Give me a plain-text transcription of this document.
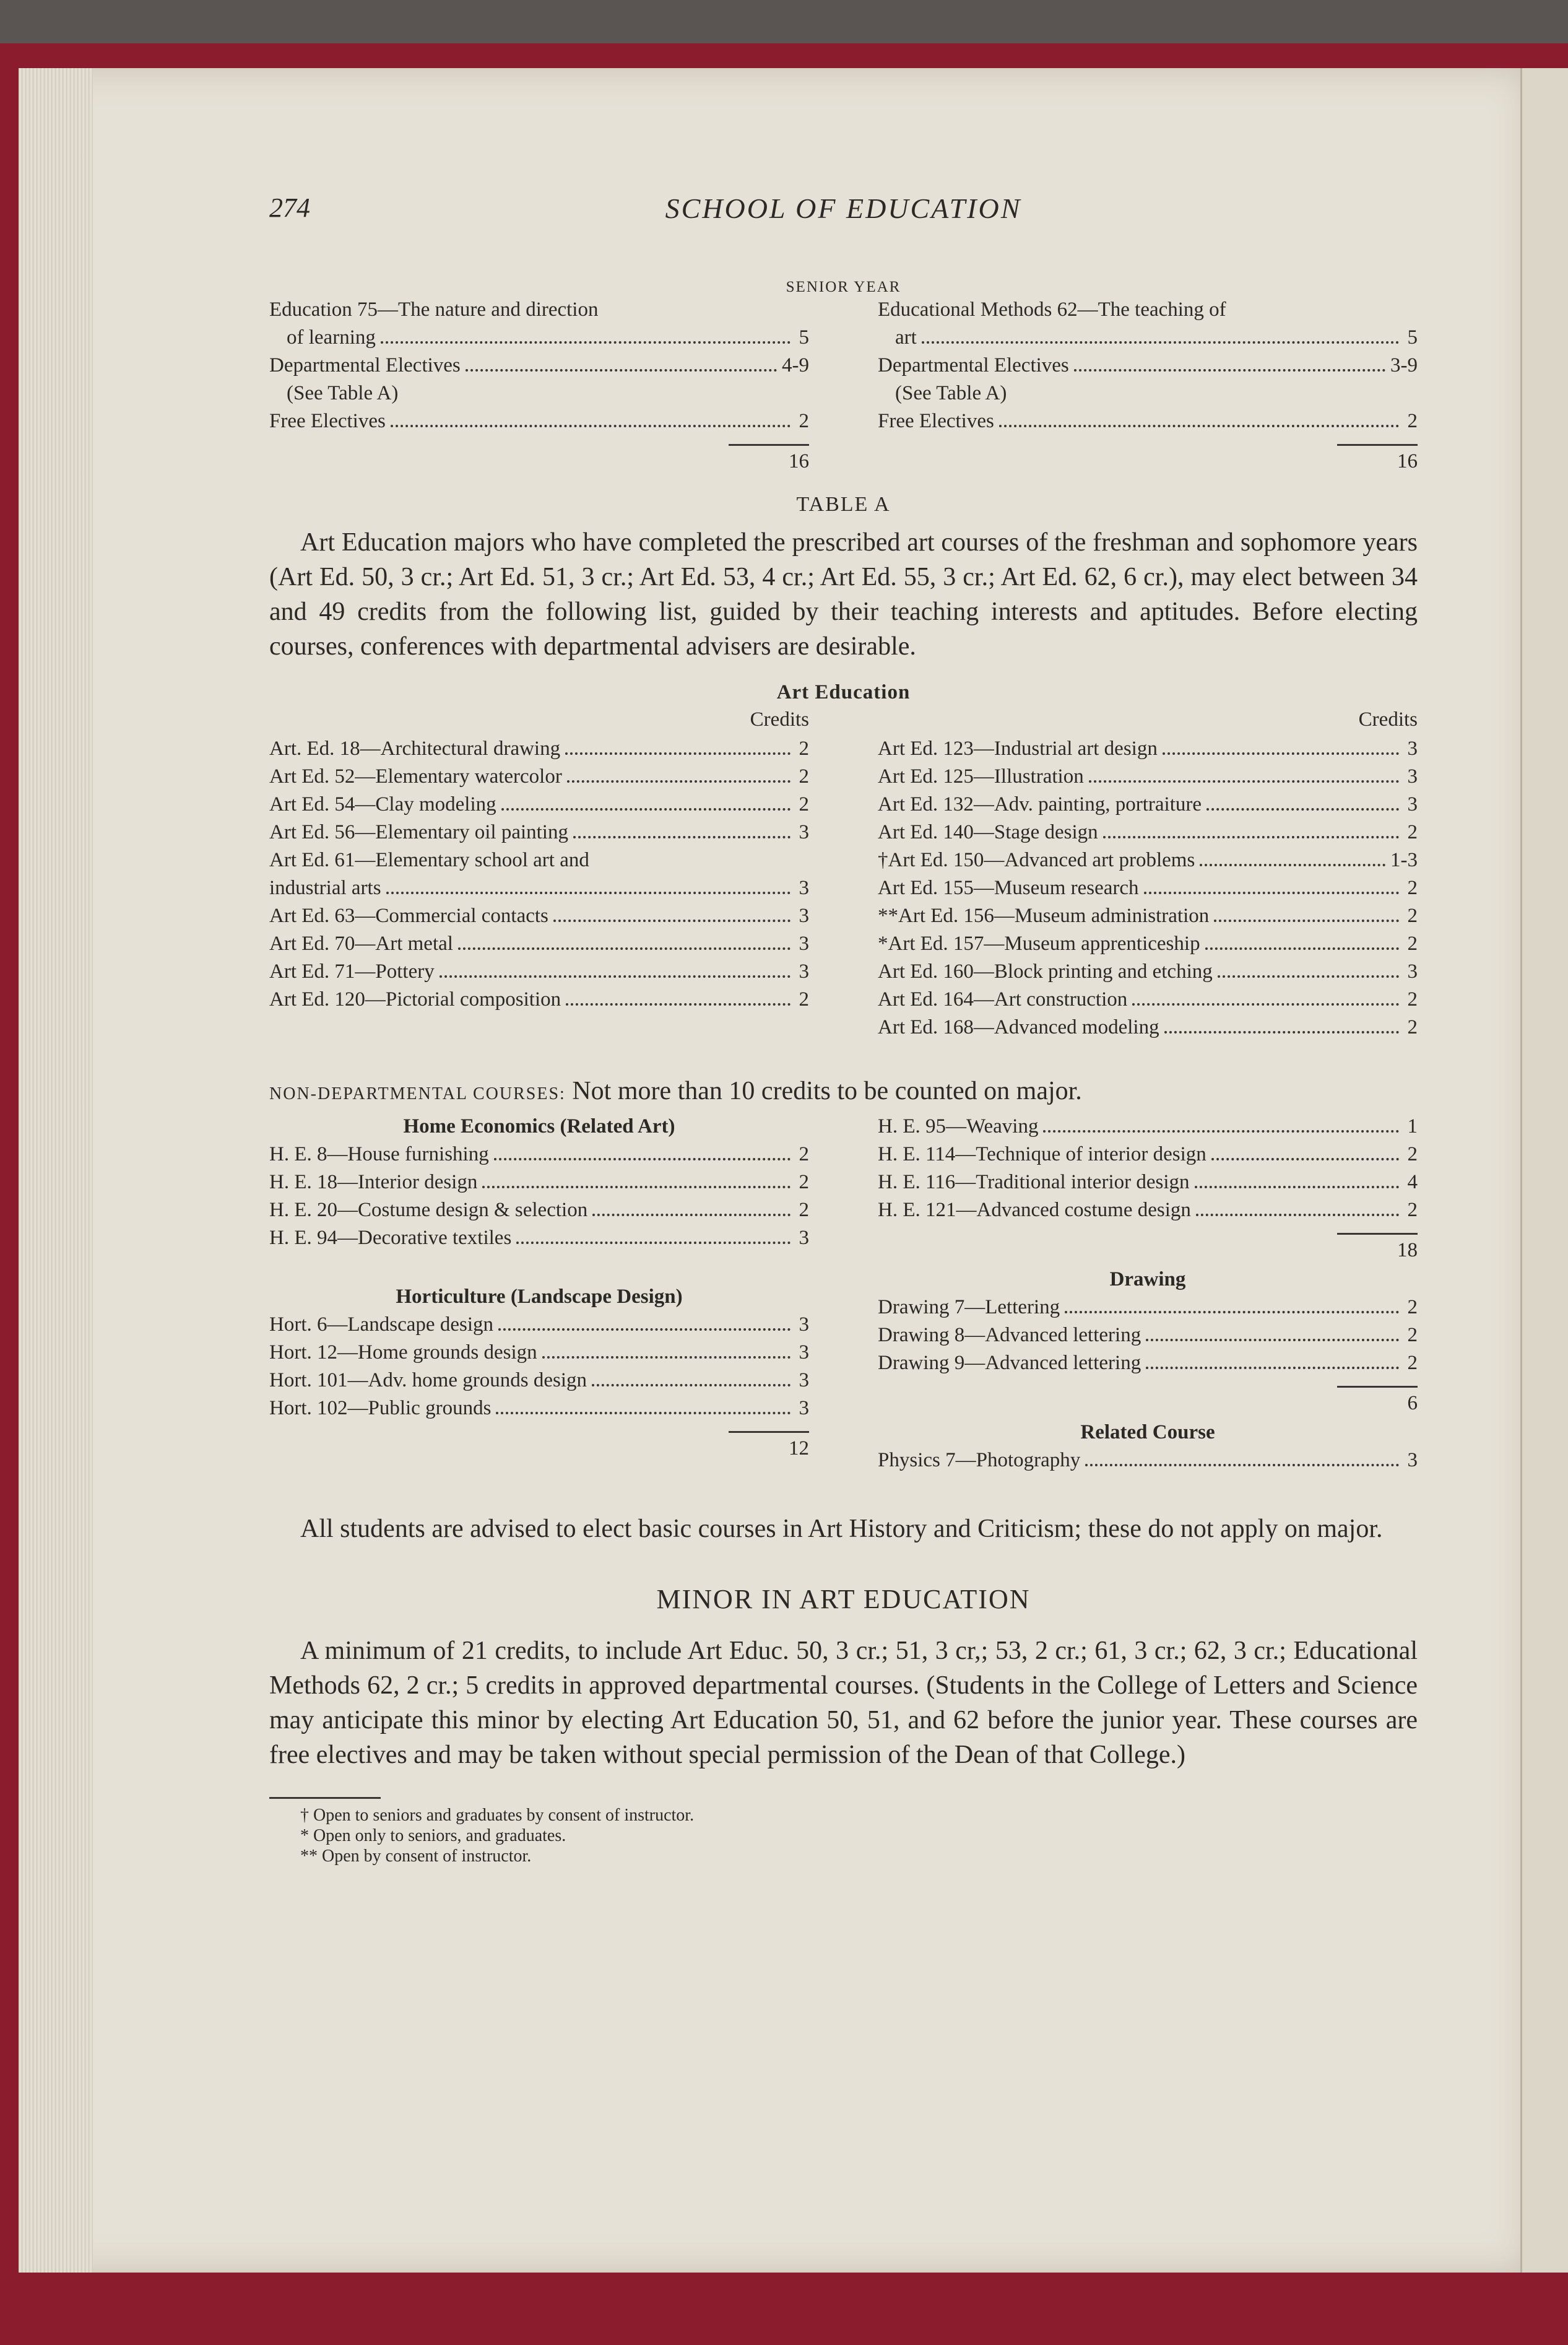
274	SCHOOL OF EDUCATION
SENIOR YEAR
Education 75—The nature and direction
of learning	5
Departmental Electives	4-9
(See Table A)
Free Electives	2
Educational Methods 62—The teaching of
art	5
Departmental Electives	3-9
(See Table A)
Free Electives	2
16	16
TABLE A

Art Education majors who have completed the prescribed art courses of the freshman and sophomore years (Art Ed. 50, 3 cr.; Art Ed. 51, 3 cr.; Art Ed. 53, 4 cr.; Art Ed. 55, 3 cr.; Art Ed. 62, 6 cr.), may elect between 34 and 49 credits from the following list, guided by their teaching interests and aptitudes. Before electing courses, conferences with departmental advisers are desirable.

Art Education
Credits
Art. Ed. 18—Architectural drawing	2
Art Ed. 52—Elementary watercolor	2
Art Ed. 54—Clay modeling	2
Art Ed. 56—Elementary oil painting	3
Art Ed. 61—Elementary school art and
industrial arts	3
Art Ed. 63—Commercial contacts	3
Art Ed. 70—Art metal	3
Art Ed. 71—Pottery	3
Art Ed. 120—Pictorial composition	2
Credits
Art Ed. 123—Industrial art design	3
Art Ed. 125—Illustration	3
Art Ed. 132—Adv. painting, portraiture	3
Art Ed. 140—Stage design	2
†Art Ed. 150—Advanced art problems	1-3
Art Ed. 155—Museum research	2
**Art Ed. 156—Museum administration	2
*Art Ed. 157—Museum apprenticeship	2
Art Ed. 160—Block printing and etching	3
Art Ed. 164—Art construction	2
Art Ed. 168—Advanced modeling	2
NON-DEPARTMENTAL COURSES: Not more than 10 credits to be counted on major.
Home Economics (Related Art)
H. E. 8—House furnishing	2
H. E. 18—Interior design	2
H. E. 20—Costume design & selection	2
H. E. 94—Decorative textiles	3
Horticulture (Landscape Design)
Hort. 6—Landscape design	3
Hort. 12—Home grounds design	3
Hort. 101—Adv. home grounds design	3
Hort. 102—Public grounds	3
12
H. E. 95—Weaving	1
H. E. 114—Technique of interior design	2
H. E. 116—Traditional interior design	4
H. E. 121—Advanced costume design	2
18
Drawing
Drawing 7—Lettering	2
Drawing 8—Advanced lettering	2
Drawing 9—Advanced lettering	2
6
Related Course
Physics 7—Photography	3

All students are advised to elect basic courses in Art History and Criticism; these do not apply on major.

MINOR IN ART EDUCATION

A minimum of 21 credits, to include Art Educ. 50, 3 cr.; 51, 3 cr,; 53, 2 cr.; 61, 3 cr.; 62, 3 cr.; Educational Methods 62, 2 cr.; 5 credits in approved departmental courses. (Students in the College of Letters and Science may anticipate this minor by electing Art Education 50, 51, and 62 before the junior year. These courses are free electives and may be taken without special permission of the Dean of that College.)

† Open to seniors and graduates by consent of instructor.
* Open only to seniors, and graduates.
** Open by consent of instructor.
